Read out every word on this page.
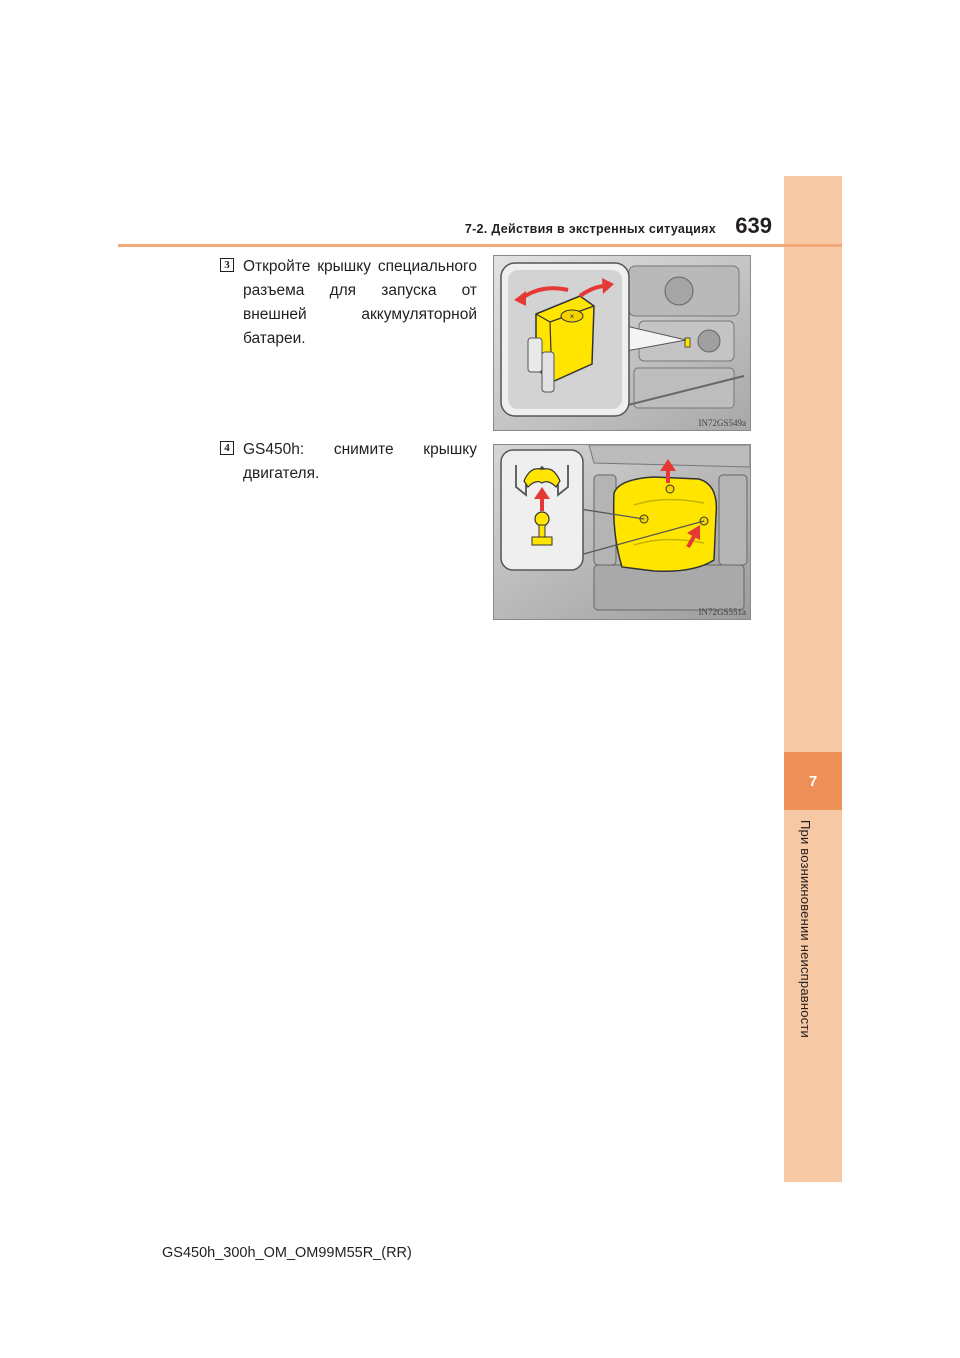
7
При возникновении неисправности
7-2. Действия в экстренных ситуациях 639
3 Откройте крышку специального разъема для запуска от внешней аккумуляторной батареи.
×
IN72GS549a
4 GS450h: снимите крышку двигателя.
IN72GS551a
GS450h_300h_OM_OM99M55R_(RR)
